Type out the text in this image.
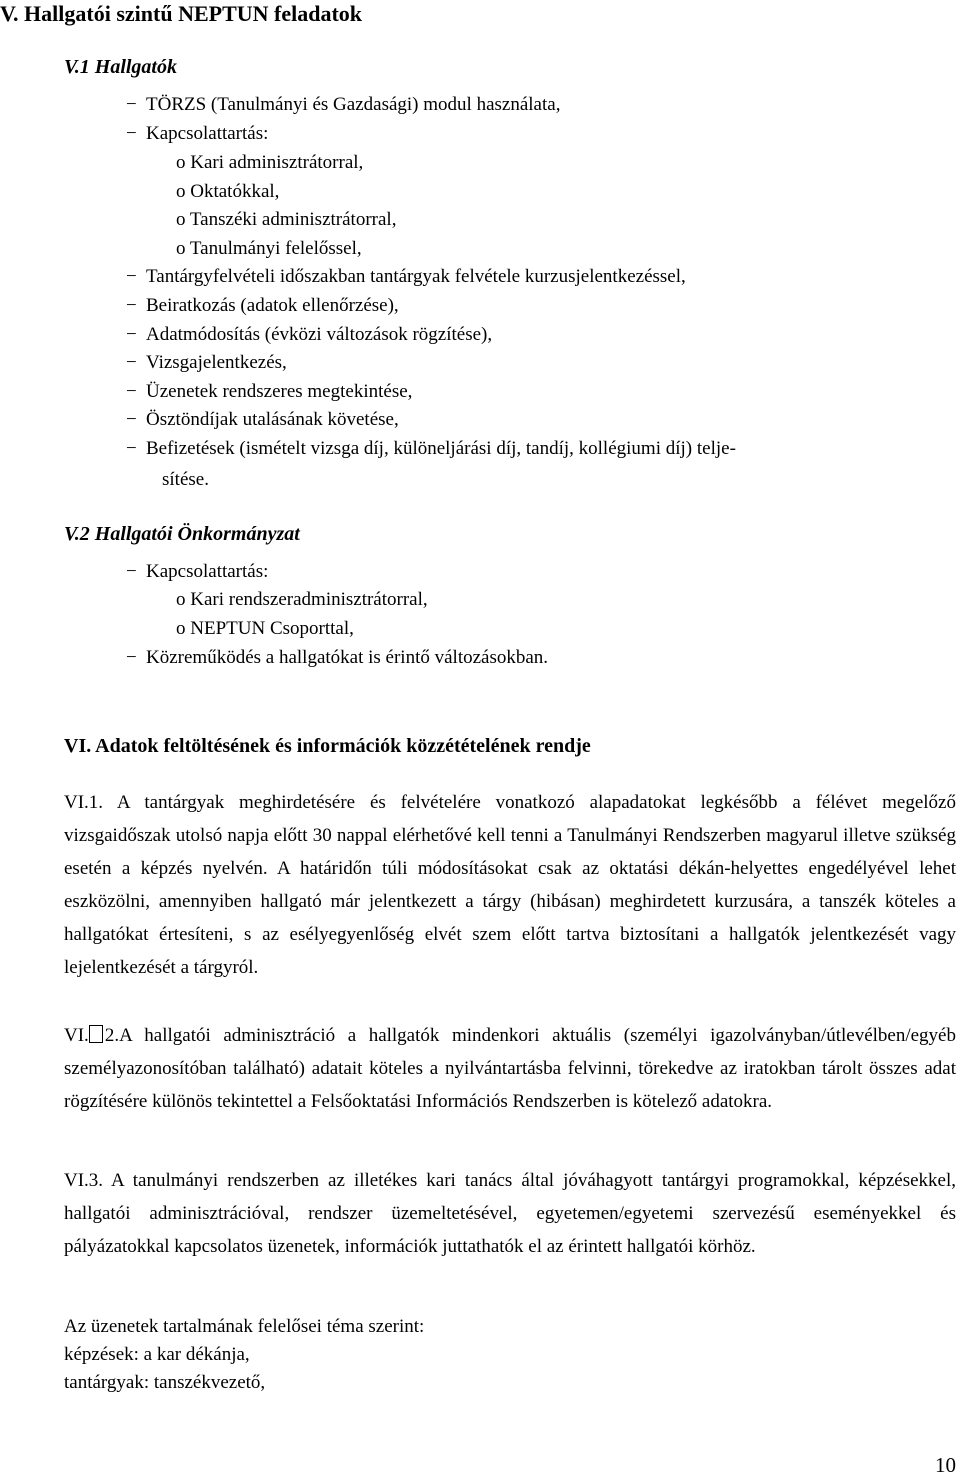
V. Hallgatói szintű NEPTUN feladatok
V.1 Hallgatók
− TÖRZS (Tanulmányi és Gazdasági) modul használata,
− Kapcsolattartás:
o Kari adminisztrátorral,
o Oktatókkal,
o Tanszéki adminisztrátorral,
o Tanulmányi felelőssel,
− Tantárgyfelvételi időszakban tantárgyak felvétele kurzusjelentkezéssel,
− Beiratkozás (adatok ellenőrzése),
− Adatmódosítás (évközi változások rögzítése),
− Vizsgajelentkezés,
− Üzenetek rendszeres megtekintése,
− Ösztöndíjak utalásának követése,
− Befizetések (ismételt vizsga díj, különeljárási díj, tandíj, kollégiumi díj) telje-
sítése.
V.2 Hallgatói Önkormányzat
− Kapcsolattartás:
o Kari rendszeradminisztrátorral,
o NEPTUN Csoporttal,
− Közreműködés a hallgatókat is érintő változásokban.
VI. Adatok feltöltésének és információk közzétételének rendje
VI.1. A tantárgyak meghirdetésére és felvételére vonatkozó alapadatokat legkésőbb a félévet megelőző vizsgaidőszak utolsó napja előtt 30 nappal elérhetővé kell tenni a Tanulmányi Rendszerben magyarul illetve szükség esetén a képzés nyelvén. A határidőn túli módosításokat csak az oktatási dékán-helyettes engedélyével lehet eszközölni, amennyiben hallgató már jelentkezett a tárgy (hibásan) meghirdetett kurzusára, a tanszék köteles a hallgatókat értesíteni, s az esélyegyenlőség elvét szem előtt tartva biztosítani a hallgatók jelentkezését vagy lejelentkezését a tárgyról.
VI. 2.A hallgatói adminisztráció a hallgatók mindenkori aktuális (személyi igazolványban/útlevélben/egyéb személyazonosítóban található) adatait köteles a nyilvántartásba felvinni, törekedve az iratokban tárolt összes adat rögzítésére különös tekintettel a Felsőoktatási Információs Rendszerben is kötelező adatokra.
VI.3. A tanulmányi rendszerben az illetékes kari tanács által jóváhagyott tantárgyi programokkal, képzésekkel, hallgatói adminisztrációval, rendszer üzemeltetésével, egyetemen/egyetemi szervezésű eseményekkel és pályázatokkal kapcsolatos üzenetek, információk juttathatók el az érintett hallgatói körhöz.
Az üzenetek tartalmának felelősei téma szerint:
képzések: a kar dékánja,
tantárgyak: tanszékvezető,
10
